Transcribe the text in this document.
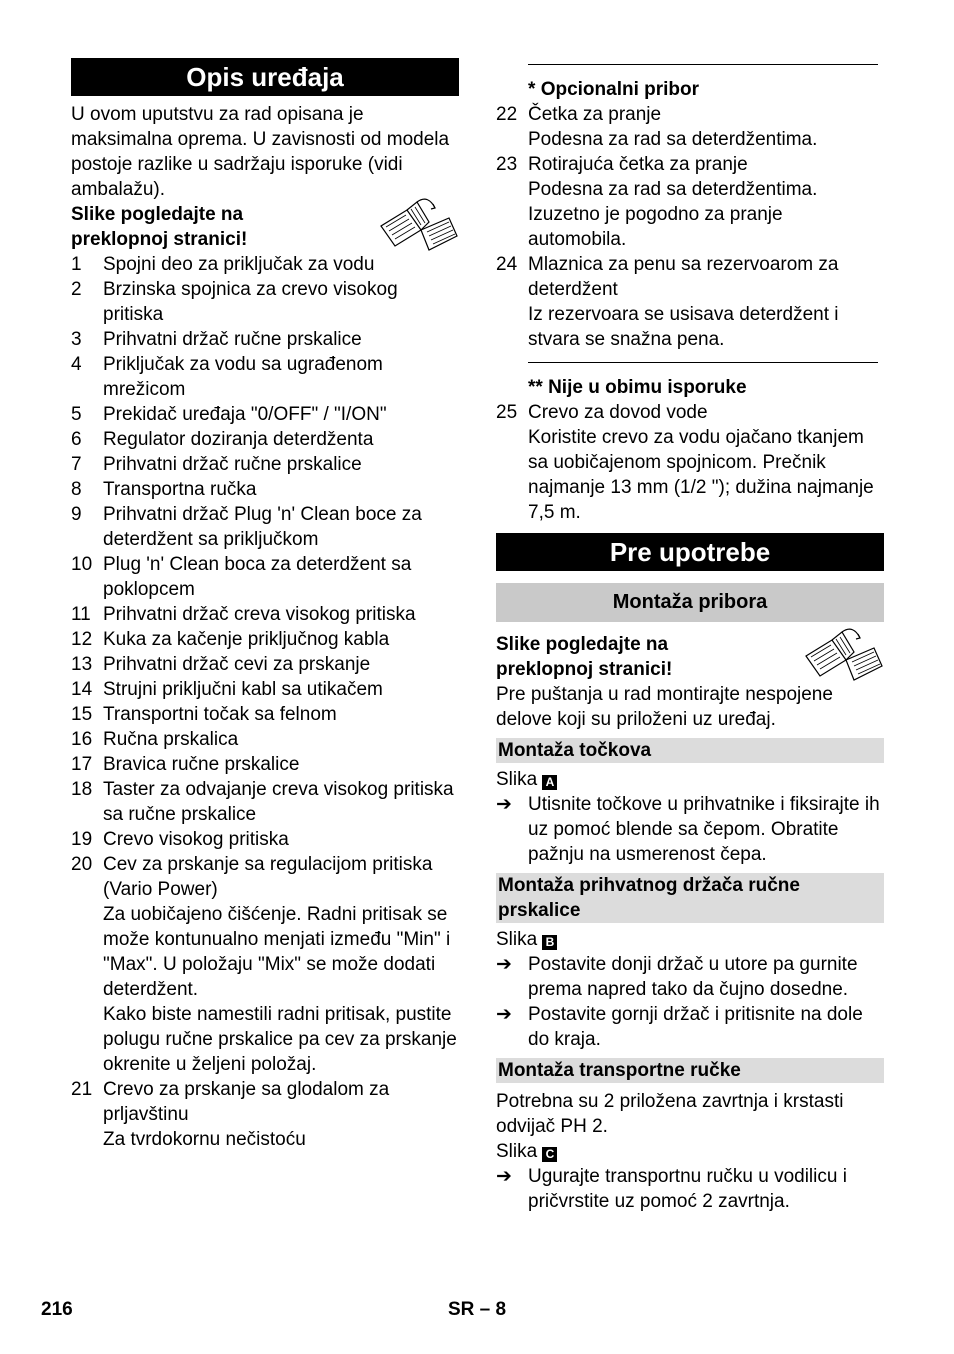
Opis uređaja

U ovom uputstvu za rad opisana je maksimalna oprema. U zavisnosti od modela postoje razlike u sadržaju isporuke (vidi ambalažu).

Slike pogledajte na

preklopnoj stranici!

1	Spojni deo za priključak za vodu
2	Brzinska spojnica za crevo visokog pritiska
3	Prihvatni držač ručne prskalice
4	Priključak za vodu sa ugrađenom mrežicom
5	Prekidač uređaja "0/OFF" / "I/ON"
6	Regulator doziranja deterdženta
7	Prihvatni držač ručne prskalice
8	Transportna ručka
9	Prihvatni držač Plug 'n' Clean boce za deterdžent sa priključkom
10 Plug 'n' Clean boca za deterdžent sa poklopcem
11 Prihvatni držač creva visokog pritiska
12 Kuka za kačenje priključnog kabla
13 Prihvatni držač cevi za prskanje
14 Strujni priključni kabl sa utikačem
15 Transportni točak sa felnom
16 Ručna prskalica
17 Bravica ručne prskalice
18 Taster za odvajanje creva visokog pritiska sa ručne prskalice
19 Crevo visokog pritiska
20 Cev za prskanje sa regulacijom pritiska (Vario Power)
Za uobičajeno čišćenje. Radni pritisak se može kontunualno menjati između "Min" i "Max". U položaju "Mix" se može dodati deterdžent.
Kako biste namestili radni pritisak, pustite polugu ručne prskalice pa cev za prskanje okrenite u željeni položaj.
21 Crevo za prskanje sa glodalom za prljavštinu
Za tvrdokornu nečistoću

* Opcionalni pribor

22 Četka za pranje
Podesna za rad sa deterdžentima.
23 Rotirajuća četka za pranje
Podesna za rad sa deterdžentima. Izuzetno je pogodno za pranje automobila.
24 Mlaznica za penu sa rezervoarom za deterdžent
Iz rezervoara se usisava deterdžent i stvara se snažna pena.

** Nije u obimu isporuke

25 Crevo za dovod vode
Koristite crevo za vodu ojačano tkanjem sa uobičajenom spojnicom. Prečnik najmanje 13 mm (1/2 "); dužina najmanje 7,5 m.
Pre upotrebe
Montaža pribora

Slike pogledajte na

preklopnoj stranici!

Pre puštanja u rad montirajte nespojene delove koji su priloženi uz uređaj.

Montaža točkova

Slika A

➔ Utisnite točkove u prihvatnike i fiksirajte ih uz pomoć blende sa čepom. Obratite pažnju na usmerenost čepa.
Montaža prihvatnog držača ručne prskalice

Slika B

➔ Postavite donji držač u utore pa gurnite prema napred tako da čujno dosedne.
➔ Postavite gornji držač i pritisnite na dole do kraja.
Montaža transportne ručke

Potrebna su 2 priložena zavrtnja i krstasti odvijač PH 2.

Slika C

➔ Ugurajte transportnu ručku u vodilicu i pričvrstite uz pomoć 2 zavrtnja.
216	SR – 8
